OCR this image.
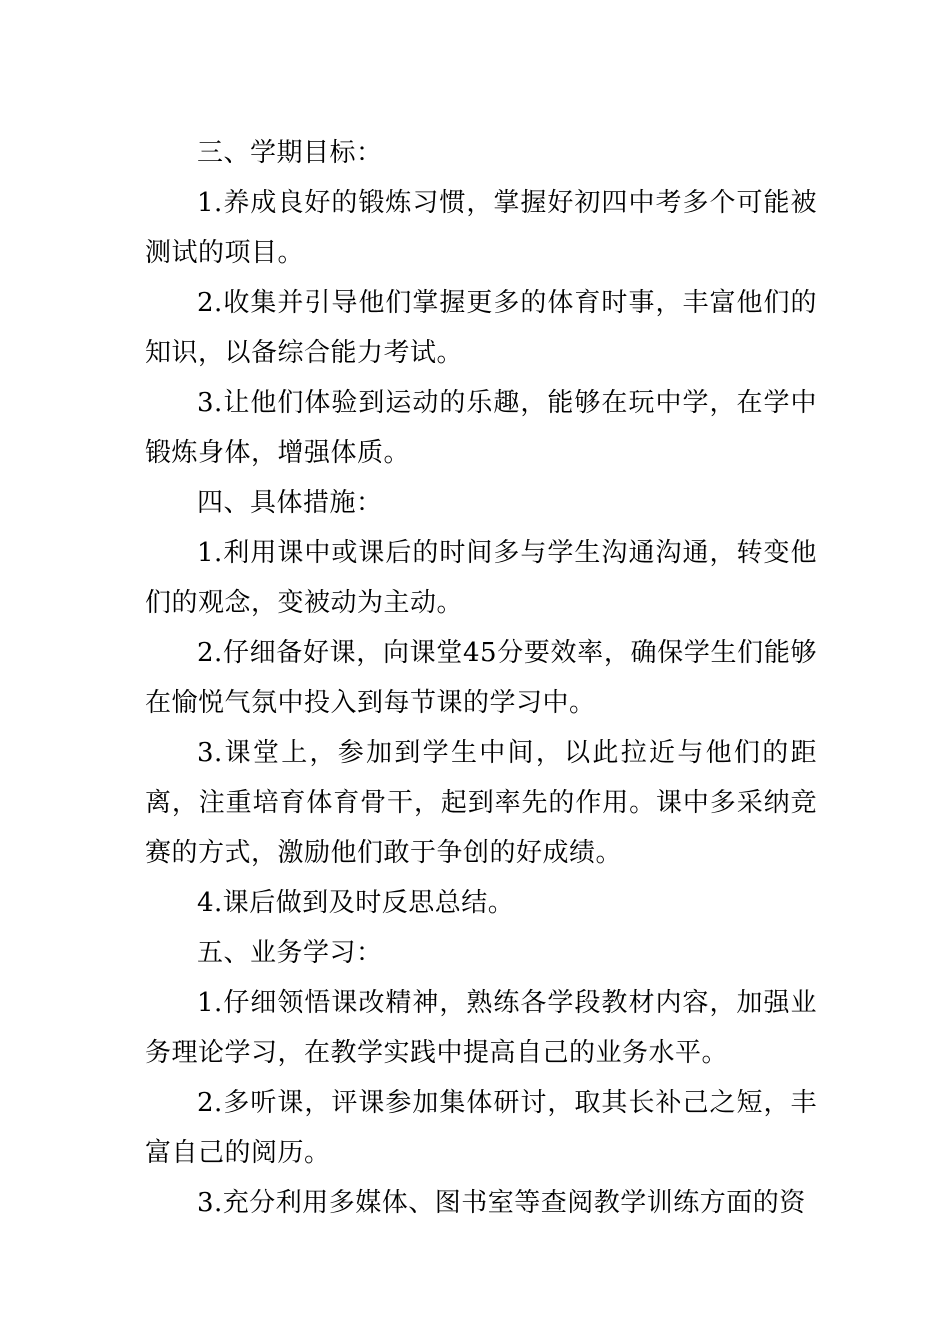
三、学期目标：

1.养成良好的锻炼习惯，掌握好初四中考多个可能被测试的项目。

2.收集并引导他们掌握更多的体育时事，丰富他们的知识，以备综合能力考试。

3.让他们体验到运动的乐趣，能够在玩中学，在学中锻炼身体，增强体质。

四、具体措施：

1.利用课中或课后的时间多与学生沟通沟通，转变他们的观念，变被动为主动。

2.仔细备好课，向课堂45分要效率，确保学生们能够在愉悦气氛中投入到每节课的学习中。

3.课堂上，参加到学生中间，以此拉近与他们的距离，注重培育体育骨干，起到率先的作用。课中多采纳竞赛的方式，激励他们敢于争创的好成绩。

4.课后做到及时反思总结。

五、业务学习：

1.仔细领悟课改精神，熟练各学段教材内容，加强业务理论学习，在教学实践中提高自己的业务水平。

2.多听课，评课参加集体研讨，取其长补己之短，丰富自己的阅历。

3.充分利用多媒体、图书室等查阅教学训练方面的资
